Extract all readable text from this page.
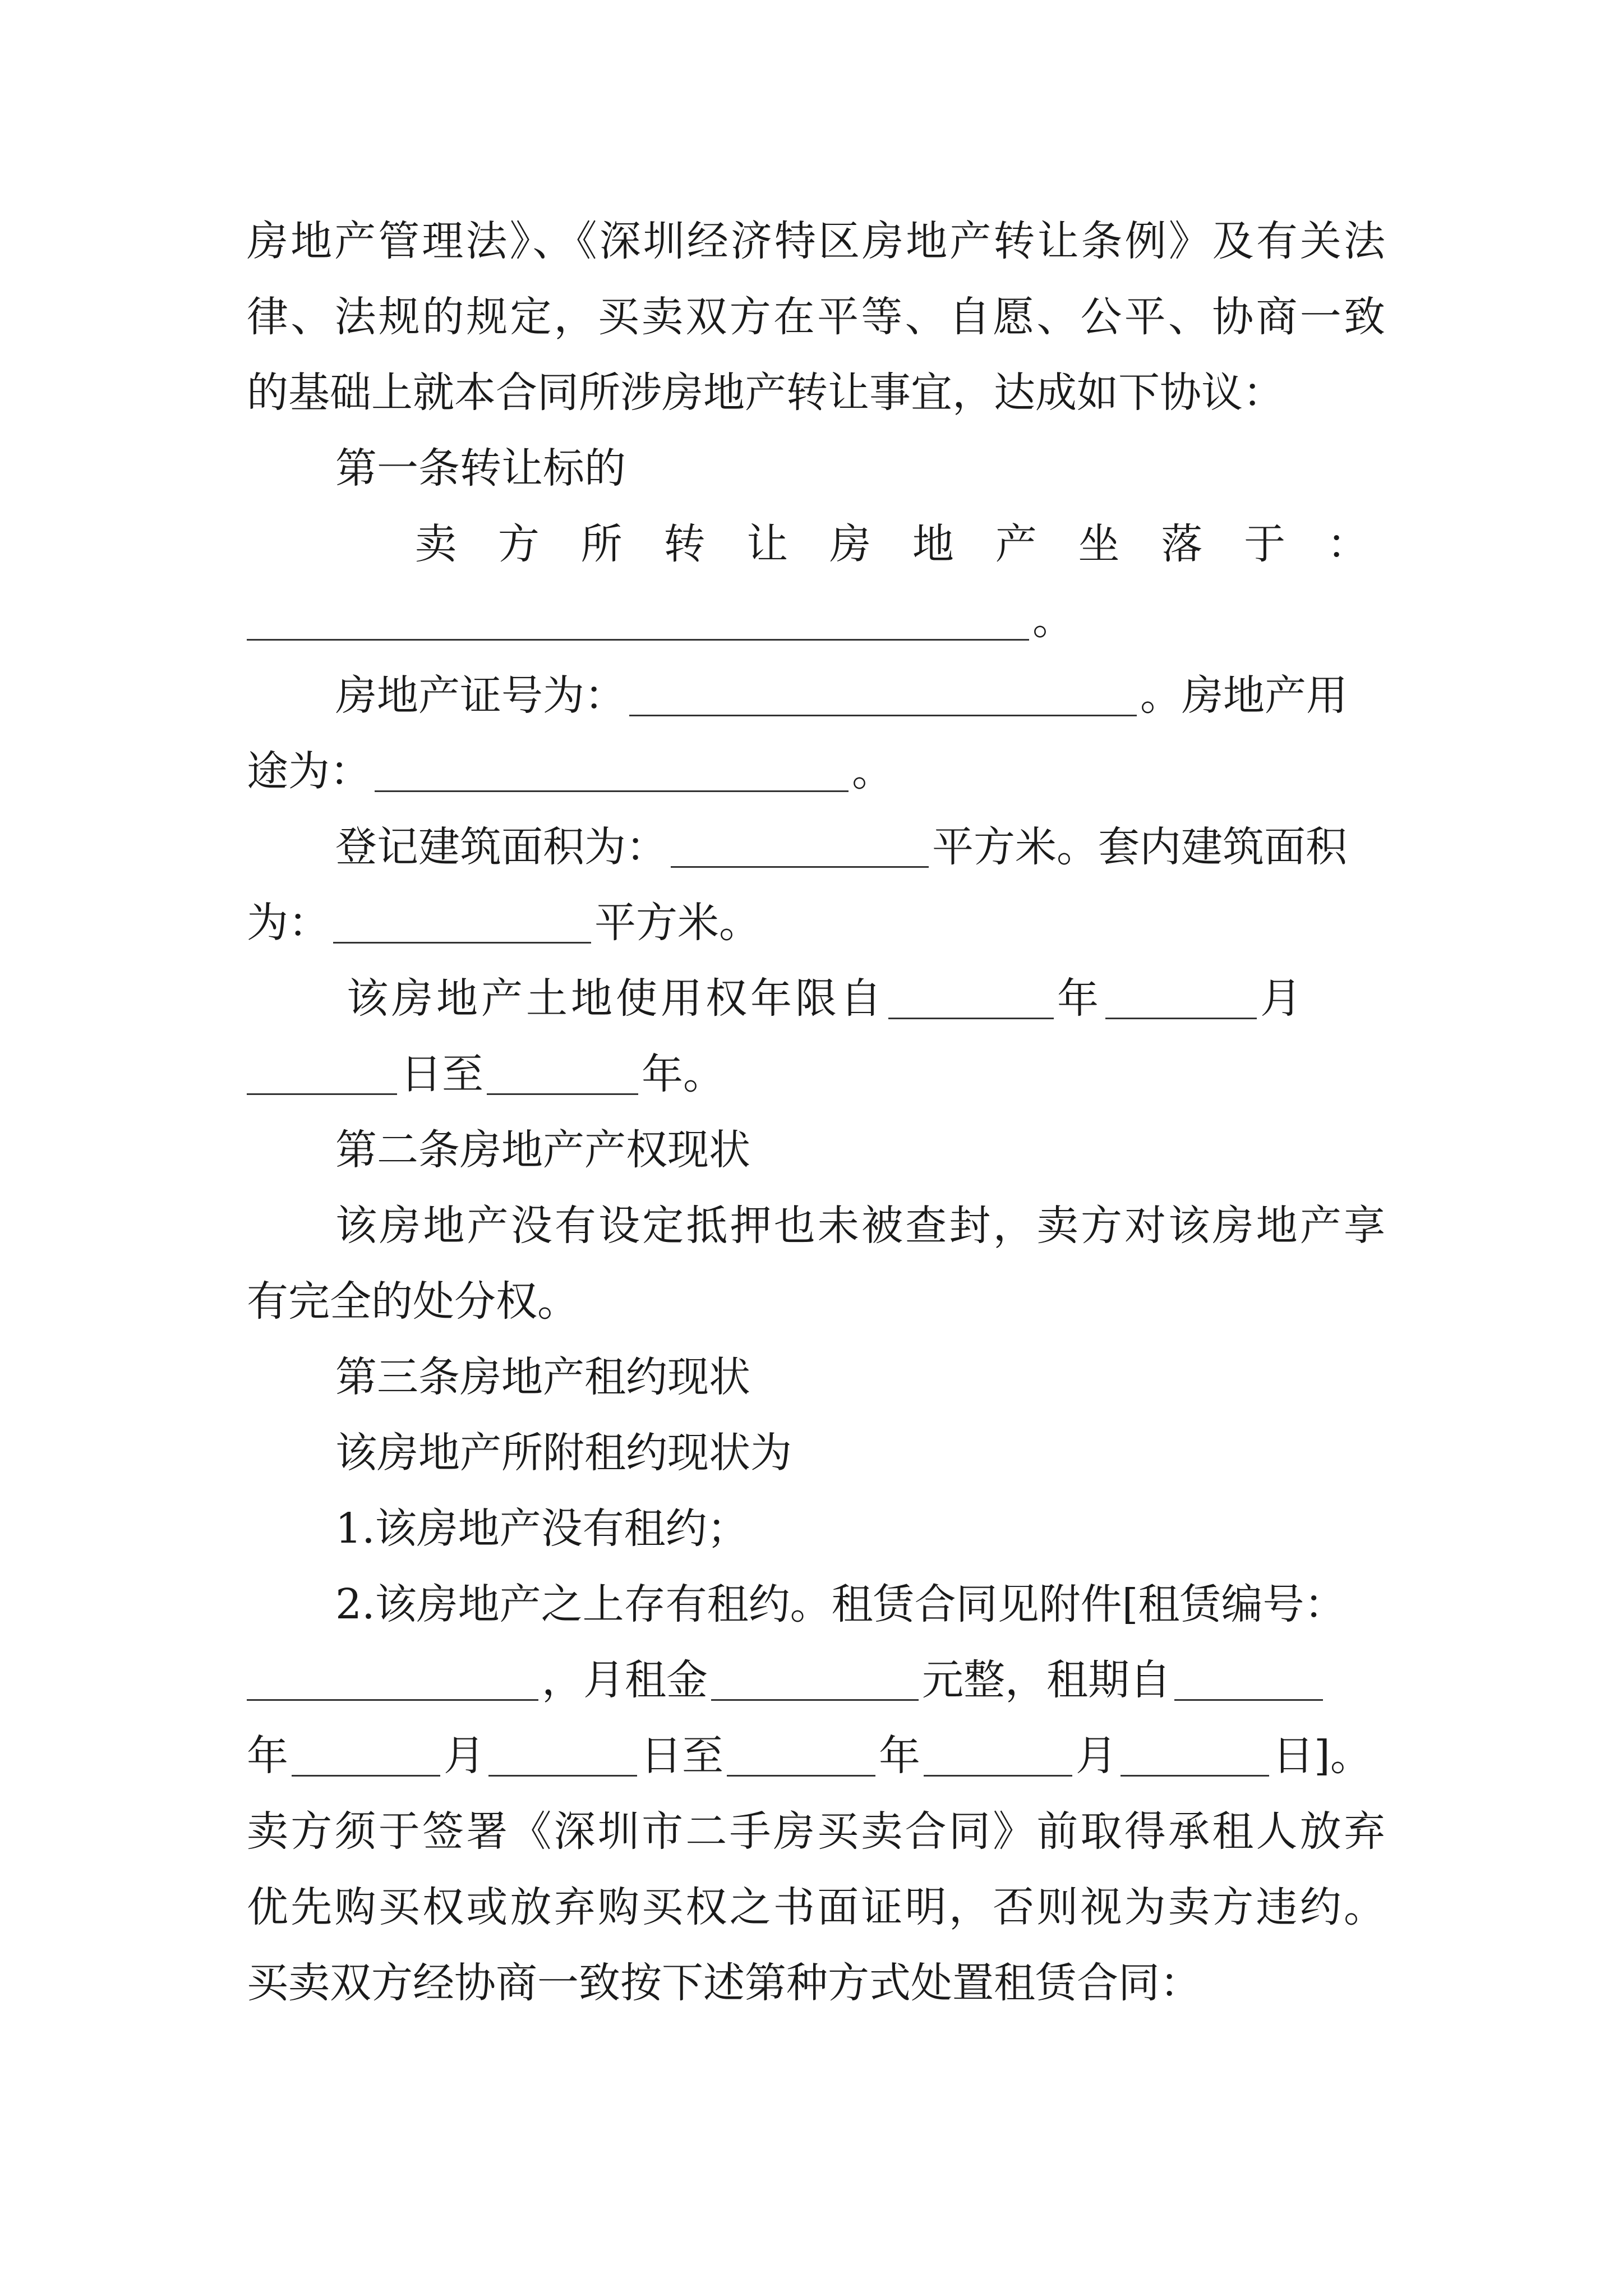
房地产管理法》、《深圳经济特区房地产转让条例》及有关法
律、法规的规定，买卖双方在平等、自愿、公平、协商一致
的基础上就本合同所涉房地产转让事宜，达成如下协议：
第一条转让标的
卖 方 所 转 让 房 地 产 坐 落 于 ：
。
房地产证号为：	。房地产用
途为：	。
登记建筑面积为：	平方米。套内建筑面积
为：	平方米。
该房地产土地使用权年限自	年	月
日至	年。
第二条房地产产权现状
该房地产没有设定抵押也未被查封，卖方对该房地产享
有完全的处分权。
第三条房地产租约现状
该房地产所附租约现状为
1.该房地产没有租约；
2.该房地产之上存有租约。租赁合同见附件[租赁编号：
，月租金	元整，租期自
年	月	日至	年	月	日]。
卖方须于签署《深圳市二手房买卖合同》前取得承租人放弃
优先购买权或放弃购买权之书面证明，否则视为卖方违约。
买卖双方经协商一致按下述第种方式处置租赁合同：
